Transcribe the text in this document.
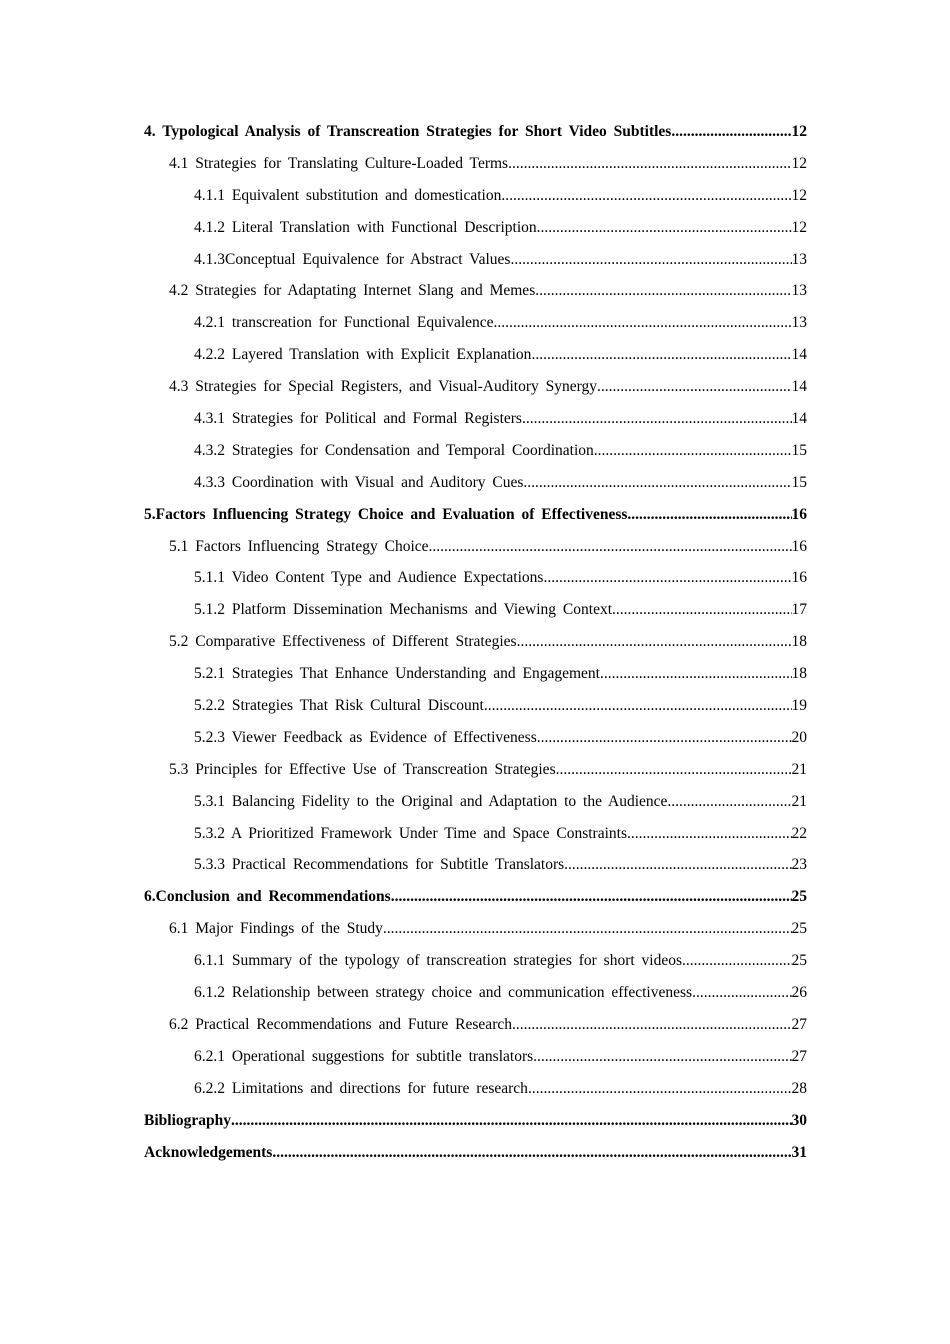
4. Typological Analysis of Transcreation Strategies for Short Video Subtitles .....	12
4.1 Strategies for Translating Culture-Loaded Terms .....	12
4.1.1 Equivalent substitution and domestication .....	12
4.1.2 Literal Translation with Functional Description .....	12
4.1.3Conceptual Equivalence for Abstract Values .....	13
4.2 Strategies for Adaptating Internet Slang and Memes .....	13
4.2.1 transcreation for Functional Equivalence .....	13
4.2.2 Layered Translation with Explicit Explanation .....	14
4.3 Strategies for Special Registers, and Visual-Auditory Synergy .....	14
4.3.1 Strategies for Political and Formal Registers .....	14
4.3.2 Strategies for Condensation and Temporal Coordination .....	15
4.3.3 Coordination with Visual and Auditory Cues .....	15
5.Factors Influencing Strategy Choice and Evaluation of Effectiveness .....	16
5.1 Factors Influencing Strategy Choice .....	16
5.1.1 Video Content Type and Audience Expectations .....	16
5.1.2 Platform Dissemination Mechanisms and Viewing Context .....	17
5.2 Comparative Effectiveness of Different Strategies .....	18
5.2.1 Strategies That Enhance Understanding and Engagement .....	18
5.2.2 Strategies That Risk Cultural Discount .....	19
5.2.3 Viewer Feedback as Evidence of Effectiveness .....	20
5.3 Principles for Effective Use of Transcreation Strategies .....	21
5.3.1 Balancing Fidelity to the Original and Adaptation to the Audience .....	21
5.3.2 A Prioritized Framework Under Time and Space Constraints .....	22
5.3.3 Practical Recommendations for Subtitle Translators .....	23
6.Conclusion and Recommendations .....	25
6.1 Major Findings of the Study .....	25
6.1.1 Summary of the typology of transcreation strategies for short videos .....	25
6.1.2 Relationship between strategy choice and communication effectiveness .....	26
6.2 Practical Recommendations and Future Research .....	27
6.2.1 Operational suggestions for subtitle translators .....	27
6.2.2 Limitations and directions for future research .....	28
Bibliography .....	30
Acknowledgements .....	31
